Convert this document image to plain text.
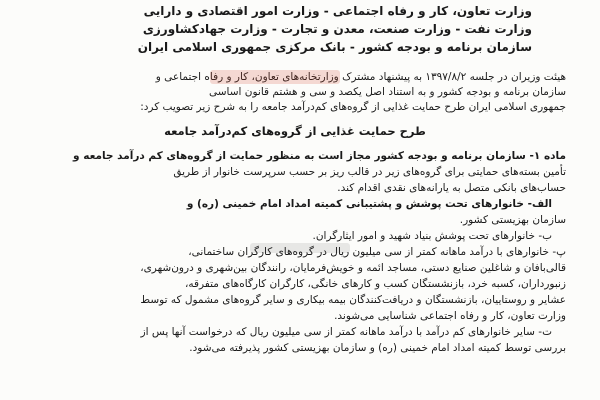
وزارت تعاون، کار و رفاه اجتماعی - وزارت امور اقتصادی و دارایی
وزارت نفت - وزارت صنعت، معدن و تجارت - وزارت جهادکشاورزی
سازمان برنامه و بودجه کشور - بانک مرکزی جمهوری اسلامی ایران
هیئت وزیران در جلسه ۱۳۹۷/۸/۲ به پیشنهاد مشترک وزارتخانه‌های تعاون، کار و رفاه اجتماعی و
سازمان برنامه و بودجه کشور و به استناد اصل یکصد و سی و هشتم قانون اساسی
جمهوری اسلامی ایران طرح حمایت غذایی از گروه‌های کم‌درآمد جامعه را به شرح زیر تصویب کرد:
طرح حمایت غذایی از گروه‌های کم‌درآمد جامعه
ماده ۱- سازمان برنامه و بودجه کشور مجاز است به منظور حمایت از گروه‌های کم درآمد جامعه و
تأمین بسته‌های حمایتی برای گروه‌های زیر در قالب ریز بر حسب سرپرست خانوار از طریق
حساب‌های بانکی متصل به یارانه‌های نقدی اقدام کند.
الف- خانوارهای تحت پوشش و پشتیبانی کمیته امداد امام خمینی (ره) و
سازمان بهزیستی کشور.
ب- خانوارهای تحت پوشش بنیاد شهید و امور ایثارگران.
پ- خانوارهای با درآمد ماهانه کمتر از سی میلیون ریال در گروه‌های کارگران ساختمانی،
قالی‌بافان و شاغلین صنایع دستی، مساجد ائمه و خویش‌فرمایان، رانندگان بین‌شهری و درون‌شهری،
زنبورداران، کسبه خرد، بازنشستگان کسب و کارهای خانگی، کارگران کارگاه‌های متفرقه،
عشایر و روستاییان، بازنشستگان و دریافت‌کنندگان بیمه بیکاری و سایر گروه‌های مشمول که توسط
وزارت تعاون، کار و رفاه اجتماعی شناسایی می‌شوند.
ت- سایر خانوارهای کم درآمد با درآمد ماهانه کمتر از سی میلیون ریال که درخواست آنها پس از
بررسی توسط کمیته امداد امام خمینی (ره) و سازمان بهزیستی کشور پذیرفته می‌شود.
